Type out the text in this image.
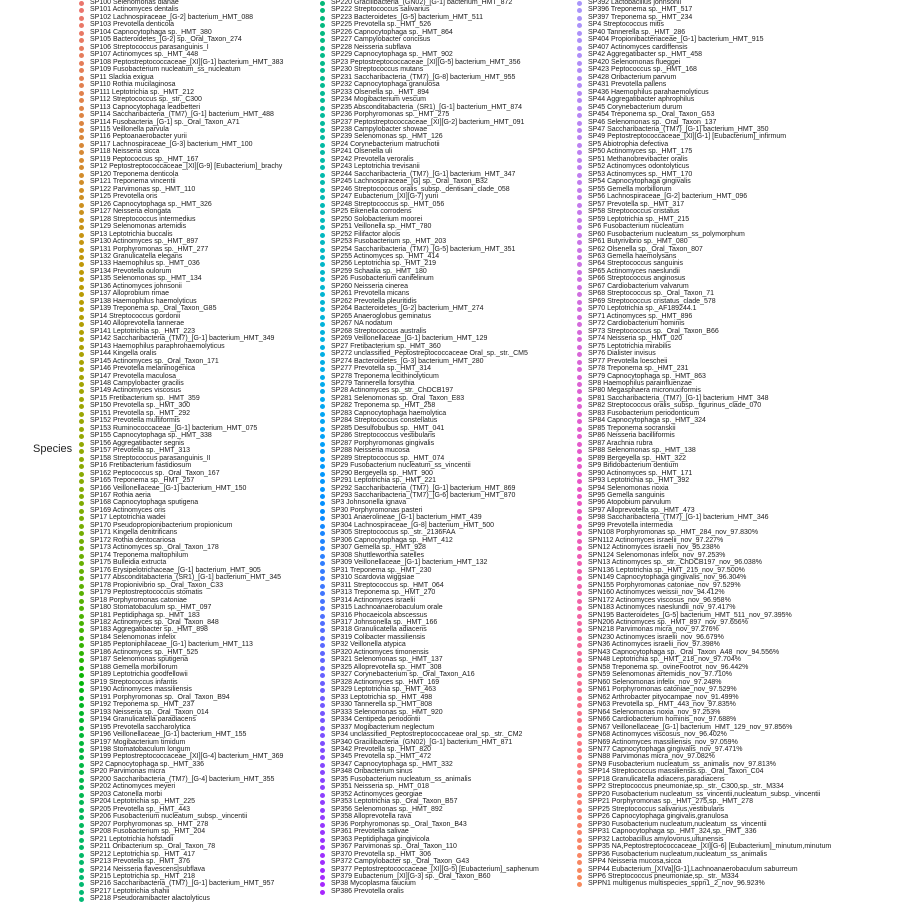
Species
SP100 Selenomonas dianae
SP101 Actinomyces dentalis
SP102 Lachnospiraceae_[G-2] bacterium_HMT_088
SP103 Prevotella denticola
SP104 Capnocytophaga sp._HMT_380
SP105 Bacteroidetes_[G-2] sp._Oral_Taxon_274
SP106 Streptococcus parasanguinis_I
SP107 Actinomyces sp._HMT_448
SP108 Peptostreptococcaceae_[XI][G-1] bacterium_HMT_383
SP109 Fusobacterium nucleatum_ss_nucleatum
SP11 Slackia exigua
SP110 Rothia mucilaginosa
SP111 Leptotrichia sp._HMT_212
SP112 Streptococcus sp._str._C300
SP113 Capnocytophaga leadbetteri
SP114 Saccharibacteria_(TM7)_[G-1] bacterium_HMT_488
SP114 Fusobacteria_[G-1] sp._Oral_Taxon_A71
SP115 Veillonella parvula
SP116 Peptoanaerobacter yurii
SP117 Lachnospiraceae_[G-3] bacterium_HMT_100
SP118 Neisseria sicca
SP119 Peptococcus sp._HMT_167
SP12 Peptostreptococcaceae_[XI][G-9] [Eubacterium]_brachy
SP120 Treponema denticola
SP121 Treponema vincentii
SP122 Parvimonas sp._HMT_110
SP125 Prevotella oris
SP126 Capnocytophaga sp._HMT_326
SP127 Neisseria elongata
SP128 Streptococcus intermedius
SP129 Selenomonas artemidis
SP13 Leptotrichia buccalis
SP130 Actinomyces sp._HMT_897
SP131 Porphyromonas sp._HMT_277
SP132 Granulicatella elegans
SP133 Haemophilus sp._HMT_036
SP134 Prevotella oulorum
SP135 Selenomonas sp._HMT_134
SP136 Actinomyces johnsonii
SP137 Alloprobium rimae
SP138 Haemophilus haemolyticus
SP139 Treponema sp._Oral_Taxon_G85
SP14 Streptococcus gordonii
SP140 Alloprevotella tannerae
SP141 Leptotrichia sp._HMT_223
SP142 Saccharibacteria_(TM7)_[G-1] bacterium_HMT_349
SP143 Haemophilus paraphrohaemolyticus
SP144 Kingella oralis
SP145 Actinomyces sp._Oral_Taxon_171
SP146 Prevotella melaninogenica
SP147 Prevotella maculosa
SP148 Campylobacter gracilis
SP149 Actinomyces viscosus
SP15 Fretibacterium sp._HMT_359
SP150 Prevotella sp._HMT_300
SP151 Prevotella sp._HMT_292
SP152 Prevotella multiformis
SP153 Ruminococcaceae_[G-1] bacterium_HMT_075
SP155 Capnocytophaga sp._HMT_338
SP156 Aggregatibacter segnis
SP157 Prevotella sp._HMT_313
SP158 Streptococcus parasanguinis_II
SP16 Fretibacterium fastidiosum
SP162 Peptococcus sp._Oral_Taxon_167
SP165 Treponema sp._HMT_257
SP166 Veillonellaceae_[G-1] bacterium_HMT_150
SP167 Rothia aeria
SP168 Capnocytophaga sputigena
SP169 Actinomyces oris
SP17 Leptotrichia wadei
SP170 Pseudopropionibacterium propionicum
SP171 Kingella denitrificans
SP172 Rothia dentocariosa
SP173 Actinomyces sp._Oral_Taxon_178
SP174 Treponema maltophilum
SP175 Bulleidia extructa
SP176 Erysipelotrichaceae_[G-1] bacterium_HMT_905
SP177 Absconditabacteria_(SR1)_[G-1] bacterium_HMT_345
SP178 Propionivibrio sp._Oral_Taxon_C33
SP179 Peptostreptococcus stomatis
SP18 Porphyromonas catoniae
SP180 Stomatobaculum sp._HMT_097
SP181 Peptidiphaga sp._HMT_183
SP182 Actinomyces sp._Oral_Taxon_848
SP183 Aggregatibacter sp._HMT_898
SP184 Selenomonas infelix
SP185 Peptoniphilaceae_[G-1] bacterium_HMT_113
SP186 Actinomyces sp._HMT_525
SP187 Selenomonas sputigena
SP188 Gemella morbillorum
SP189 Leptotrichia goodfellowii
SP19 Streptococcus infantis
SP190 Actinomyces massiliensis
SP191 Porphyromonas sp._Oral_Taxon_B94
SP192 Treponema sp._HMT_237
SP193 Neisseria sp._Oral_Taxon_014
SP194 Granulicatella paradiacens
SP195 Prevotella saccharolytica
SP196 Veillonellaceae_[G-1] bacterium_HMT_155
SP197 Mogibacterium timidum
SP198 Stomatobaculum longum
SP199 Peptostreptococcaceae_[XI][G-4] bacterium_HMT_369
SP2 Capnocytophaga sp._HMT_336
SP20 Parvimonas micra
SP200 Saccharibacteria_(TM7)_[G-4] bacterium_HMT_355
SP202 Actinomyces meyeri
SP203 Catonella morbi
SP204 Leptotrichia sp._HMT_225
SP205 Prevotella sp._HMT_443
SP206 Fusobacterium nucleatum_subsp._vincentii
SP207 Porphyromonas sp._HMT_278
SP208 Fusobacterium sp._HMT_204
SP21 Leptotrichia hofstadii
SP211 Oribacterium sp._Oral_Taxon_78
SP212 Leptotrichia sp._HMT_417
SP213 Prevotella sp._HMT_376
SP214 Neisseria flavescens|subflava
SP215 Leptotrichia sp._HMT_218
SP216 Saccharibacteria_(TM7)_[G-1] bacterium_HMT_957
SP217 Leptotrichia shahii
SP218 Pseudoramibacter alactolyticus
SP220 Gracilibacteria_(GN02)_[G-1] bacterium_HMT_872
SP222 Streptococcus salivarius
SP223 Bacteroidetes_[G-5] bacterium_HMT_511
SP225 Prevotella sp._HMT_526
SP226 Capnocytophaga sp._HMT_864
SP227 Campylobacter concisus
SP228 Neisseria subflava
SP229 Capnocytophaga sp._HMT_902
SP23 Peptostreptococcaceae_[XI][G-5] bacterium_HMT_356
SP230 Streptococcus mutans
SP231 Saccharibacteria_(TM7)_[G-8] bacterium_HMT_955
SP232 Capnocytophaga granulosa
SP233 Olsenella sp._HMT_894
SP234 Mogibacterium vescum
SP235 Absconditabacteria_(SR1)_[G-1] bacterium_HMT_874
SP236 Porphyromonas sp._HMT_275
SP237 Peptostreptococcaceae_[XI][G-2] bacterium_HMT_091
SP238 Campylobacter showae
SP239 Selenomonas sp._HMT_126
SP24 Corynebacterium matruchotii
SP241 Olsenella uli
SP242 Prevotella veroralis
SP243 Leptotrichia trevisanii
SP244 Saccharibacteria_(TM7)_[G-1] bacterium_HMT_347
SP245 Lachnospiraceae_[G] sp._Oral_Taxon_B32
SP246 Streptococcus oralis_subsp._dentisani_clade_058
SP247 Eubacterium_[XI][G-7] yurii
SP248 Streptococcus sp._HMT_056
SP25 Eikenella corrodens
SP250 Solobacterium moorei
SP251 Veillonella sp._HMT_780
SP252 Filifactor alocis
SP253 Fusobacterium sp._HMT_203
SP254 Saccharibacteria_(TM7)_[G-5] bacterium_HMT_351
SP255 Actinomyces sp._HMT_414
SP256 Leptotrichia sp._HMT_219
SP259 Schaalia sp._HMT_180
SP26 Fusobacterium canifelinum
SP260 Neisseria cinerea
SP261 Prevotella micans
SP262 Prevotella pleuritidis
SP264 Bacteroidetes_[G-2] bacterium_HMT_274
SP265 Anaeroglobus geminatus
SP267 NA nodatum
SP268 Streptococcus australis
SP269 Veillonellaceae_[G-1] bacterium_HMT_129
SP27 Fretibacterium sp._HMT_360
SP272 unclassified_Peptostreptococcaceae Oral_sp._str._CM5
SP274 Bacteroidetes_[G-3] bacterium_HMT_280
SP277 Prevotella sp._HMT_314
SP278 Treponema lecithinolyticum
SP279 Tannerella forsythia
SP28 Actinomyces sp._str._ChDCB197
SP281 Selenomonas sp._Oral_Taxon_E83
SP282 Treponema sp._HMT_258
SP283 Capnocytophaga haemolytica
SP284 Streptococcus constellatus
SP285 Desulfobulbus sp._HMT_041
SP286 Streptococcus vestibularis
SP287 Porphyromonas gingivalis
SP288 Neisseria mucosa
SP289 Streptococcus sp._HMT_074
SP29 Fusobacterium nucleatum_ss_vincentii
SP290 Bergeyella sp._HMT_900
SP291 Leptotrichia sp._HMT_221
SP292 Saccharibacteria_(TM7)_[G-1] bacterium_HMT_869
SP293 Saccharibacteria_(TM7)_[G-6] bacterium_HMT_870
SP3 Johnsonella ignava
SP30 Porphyromonas pasteri
SP301 Anaerolineae_[G-1] bacterium_HMT_439
SP304 Lachnospiraceae_[G-8] bacterium_HMT_500
SP305 Streptococcus sp._str._2136FAA
SP306 Capnocytophaga sp._HMT_412
SP307 Gemella sp._HMT_928
SP308 Shuttleworthia satelles
SP309 Veillonellaceae_[G-1] bacterium_HMT_132
SP31 Treponema sp._HMT_230
SP310 Scardovia wiggsiae
SP311 Streptococcus sp._HMT_064
SP313 Treponema sp._HMT_270
SP314 Actinomyces israelii
SP315 Lachnoanaerobaculum orale
SP316 Phocaeicola abscessus
SP317 Johnsonella sp._HMT_166
SP318 Granulicatella adiacens
SP319 Colibacter massiliensis
SP32 Veillonella atypica
SP320 Actinomyces timonensis
SP321 Selenomonas sp._HMT_137
SP325 Alloprevotella sp._HMT_308
SP327 Corynebacterium sp._Oral_Taxon_A16
SP328 Actinomyces sp._HMT_169
SP329 Leptotrichia sp._HMT_463
SP33 Leptotrichia sp._HMT_498
SP330 Tannerella sp._HMT_808
SP333 Selenomonas sp._HMT_920
SP334 Centipeda periodontii
SP337 Mogibacterium neglectum
SP34 unclassified_Peptostreptococcaceae oral_sp._str._CM2
SP340 Gracilibacteria_(GN02)_[G-1] bacterium_HMT_871
SP342 Prevotella sp._HMT_820
SP345 Prevotella sp._HMT_472
SP347 Capnocytophaga sp._HMT_332
SP348 Oribacterium sinus
SP35 Fusobacterium nucleatum_ss_animalis
SP351 Neisseria sp._HMT_018
SP352 Actinomyces georgiae
SP353 Leptotrichia sp._Oral_Taxon_B57
SP356 Selenomonas sp._HMT_892
SP358 Alloprevotella rava
SP36 Porphyromonas sp._Oral_Taxon_B43
SP361 Prevotella salivae
SP363 Peptidiphaga gingivicola
SP367 Parvimonas sp._Oral_Taxon_110
SP370 Prevotella sp._HMT_306
SP372 Campylobacter sp._Oral_Taxon_G43
SP377 Peptostreptococcaceae_[XI][G-5] [Eubacterium]_saphenum
SP379 Eubacterium_[XI][G-3] sp._Oral_Taxon_B60
SP38 Mycoplasma faucium
SP386 Prevotella oralis
SP392 Lactobacillus johnsonii
SP396 Treponema sp._HMT_517
SP397 Treponema sp._HMT_234
SP4 Streptococcus mitis
SP40 Tannerella sp._HMT_286
SP404 Propionibacteriaceae_[G-1] bacterium_HMT_915
SP407 Actinomyces cardiffensis
SP42 Aggregatibacter sp._HMT_458
SP420 Selenomonas flueggei
SP423 Peptococcus sp._HMT_168
SP428 Oribacterium parvum
SP431 Prevotella pallens
SP436 Haemophilus parahaemolyticus
SP44 Aggregatibacter aphrophilus
SP45 Corynebacterium durum
SP454 Treponema sp._Oral_Taxon_G53
SP46 Selenomonas sp._Oral_Taxon_137
SP47 Saccharibacteria_(TM7)_[G-1] bacterium_HMT_350
SP49 Peptostreptococcaceae_[XI][G-1] [Eubacterium]_infirmum
SP5 Abiotrophia defectiva
SP50 Actinomyces sp._HMT_175
SP51 Methanobrevibacter oralis
SP52 Actinomyces odontolyticus
SP53 Actinomyces sp._HMT_170
SP54 Capnocytophaga gingivalis
SP55 Gemella morbillorum
SP56 Lachnospiraceae_[G-2] bacterium_HMT_096
SP57 Prevotella sp._HMT_317
SP58 Streptococcus cristatus
SP59 Leptotrichia sp._HMT_215
SP6 Fusobacterium nucleatum
SP60 Fusobacterium nucleatum_ss_polymorphum
SP61 Butyrivibrio sp._HMT_080
SP62 Olsenella sp._Oral_Taxon_807
SP63 Gemella haemolysans
SP64 Streptococcus sanguinis
SP65 Actinomyces naeslundii
SP66 Streptococcus anginosus
SP67 Cardiobacterium valvarum
SP68 Streptococcus sp._Oral_Taxon_71
SP69 Streptococcus cristatus_clade_578
SP70 Leptotrichia sp._AF189244.1
SP71 Actinomyces sp._HMT_896
SP72 Cardiobacterium hominis
SP73 Streptococcus sp._Oral_Taxon_B66
SP74 Neisseria sp._HMT_020
SP75 Leptotrichia mirabilis
SP76 Dialister invisus
SP77 Prevotella loescheii
SP78 Treponema sp._HMT_231
SP79 Capnocytophaga sp._HMT_863
SP8 Haemophilus parainfluenzae
SP80 Megasphaera micronuciformis
SP81 Saccharibacteria_(TM7)_[G-1] bacterium_HMT_348
SP82 Streptococcus oralis_subsp._tigurinus_clade_070
SP83 Fusobacterium periodonticum
SP84 Capnocytophaga sp._HMT_324
SP85 Treponema socranskii
SP86 Neisseria bacilliformis
SP87 Arachnia rubra
SP88 Selenomonas sp._HMT_138
SP89 Bergeyella sp._HMT_322
SP9 Bifidobacterium dentium
SP90 Actinomyces sp._HMT_171
SP93 Leptotrichia sp._HMT_392
SP94 Selenomonas noxia
SP95 Gemella sanguinis
SP96 Atopobium parvulum
SP97 Alloprevotella sp._HMT_473
SP98 Saccharibacteria_(TM7)_[G-1] bacterium_HMT_346
SP99 Prevotella intermedia
SPN108 Porphyromonas sp._HMT_284_nov_97.830%
SPN112 Actinomyces israelii_nov_97.227%
SPN12 Actinomyces israelii_nov_95.238%
SPN124 Selenomonas infelix_nov_97.253%
SPN13 Actinomyces sp._str._ChDCB197_nov_96.038%
SPN136 Leptotrichia sp._HMT_215_nov_97.500%
SPN149 Capnocytophaga gingivalis_nov_96.304%
SPN155 Porphyromonas catoniae_nov_97.529%
SPN160 Actinomyces weissii_nov_94.412%
SPN172 Actinomyces viscosus_nov_96.958%
SPN183 Actinomyces naeslundii_nov_97.417%
SPN195 Bacteroidetes_[G-5] bacterium_HMT_511_nov_97.395%
SPN206 Actinomyces sp._HMT_897_nov_97.656%
SPN218 Parvimonas micra_nov_97.276%
SPN230 Actinomyces israelii_nov_96.679%
SPN36 Actinomyces israelii_nov_97.398%
SPN43 Capnocytophaga sp._Oral_Taxon_A48_nov_94.556%
SPN48 Leptotrichia sp._HMT_218_nov_97.704%
SPN58 Treponema sp._ovineFootrot_nov_96.442%
SPN59 Selenomonas artemidis_nov_97.710%
SPN60 Selenomonas infelix_nov_97.248%
SPN61 Porphyromonas catoniae_nov_97.529%
SPN62 Arthrobacter pityocampae_nov_91.499%
SPN63 Prevotella sp._HMT_443_nov_97.835%
SPN64 Selenomonas noxia_nov_97.253%
SPN66 Cardiobacterium hominis_nov_97.688%
SPN67 Veillonellaceae_[G-1] bacterium_HMT_129_nov_97.856%
SPN68 Actinomyces viscosus_nov_96.402%
SPN69 Actinomyces massiliensis_nov_97.059%
SPN77 Capnocytophaga gingivalis_nov_97.471%
SPN88 Parvimonas micra_nov_97.082%
SPN9 Fusobacterium nucleatum_ss_animalis_nov_97.813%
SPP14 Streptococcus massiliensis.sp._Oral_Taxon_C04
SPP18 Granulicatella adiacens,paradiacens
SPP2 Streptococcus pneumoniae,sp._str._C300,sp._str._M334
SPP20 Fusobacterium nucleatum_ss_vincentii,nucleatum_subsp._vincentii
SPP21 Porphyromonas sp._HMT_275,sp._HMT_278
SPP25 Streptococcus salivarius,vestibularis
SPP26 Capnocytophaga gingivalis,granulosa
SPP30 Fusobacterium nucleatum,nucleatum_ss_vincentii
SPP31 Capnocytophaga sp._HMT_324,sp._HMT_336
SPP32 Lactobacillus amylovorus,ultunensis
SPP35 NA,Peptostreptococcaceae_[XI][G-6] [Eubacterium]_minutum,minutum
SPP36 Fusobacterium nucleatum,nucleatum_ss_animalis
SPP4 Neisseria mucosa,sicca
SPP44 Eubacterium_[XIVa][G-1],Lachnoanaerobaculum saburreum
SPP6 Streptococcus pneumoniae,sp._str._M334
SPPN1 multigenus multispecies_sppn1_2_nov_96.923%
